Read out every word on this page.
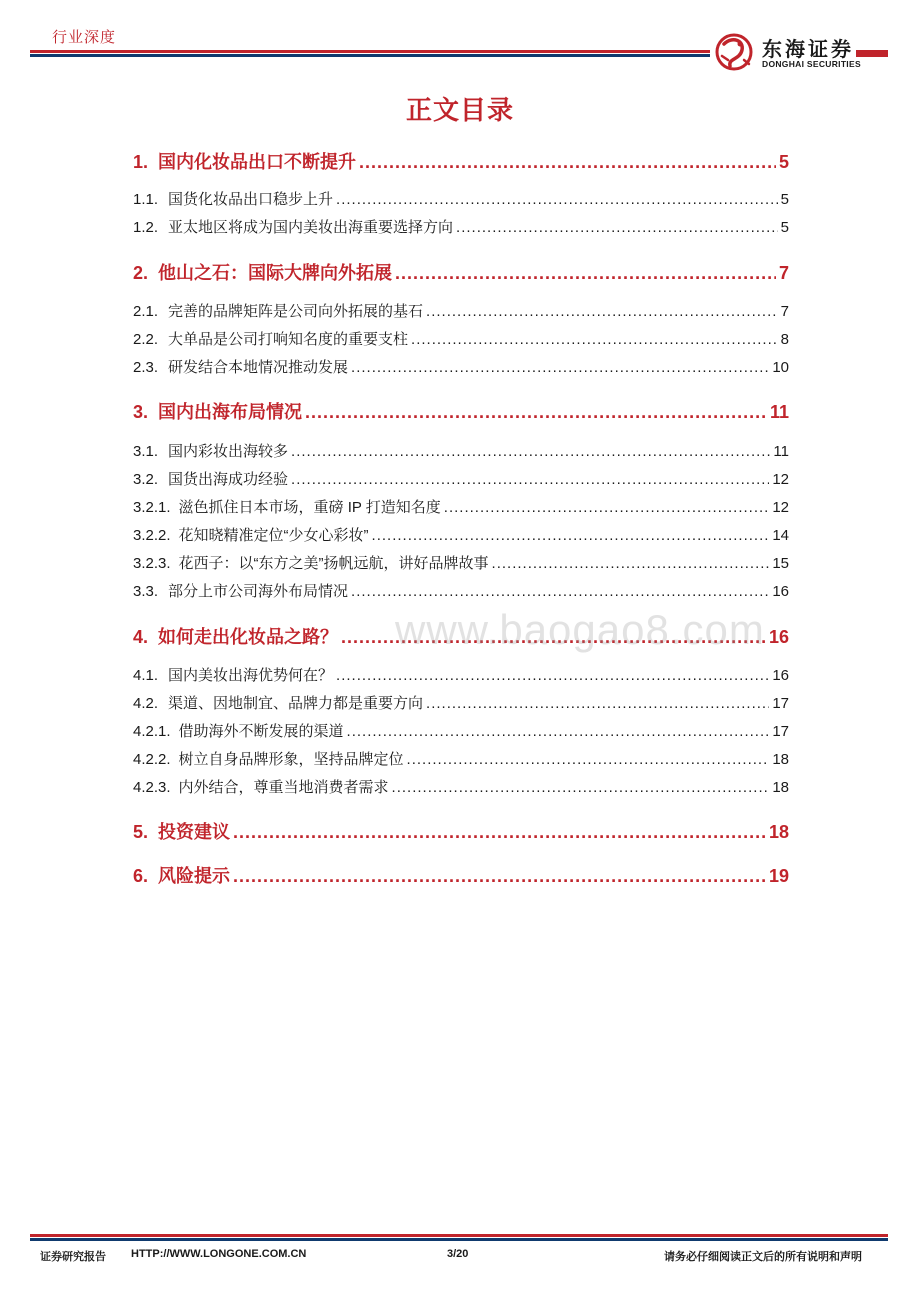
行业深度
东海证券
DONGHAI SECURITIES
正文目录
1. 国内化妆品出口不断提升 .....	5
1.1. 国货化妆品出口稳步上升 .....	5
1.2. 亚太地区将成为国内美妆出海重要选择方向 .....	5
2. 他山之石：国际大牌向外拓展 .....	7
2.1. 完善的品牌矩阵是公司向外拓展的基石 .....	7
2.2. 大单品是公司打响知名度的重要支柱 .....	8
2.3. 研发结合本地情况推动发展 .....	10
3. 国内出海布局情况 .....	11
3.1. 国内彩妆出海较多 .....	11
3.2. 国货出海成功经验 .....	12
3.2.1. 滋色抓住日本市场，重磅 IP 打造知名度 .....	12
3.2.2. 花知晓精准定位“少女心彩妆” .....	14
3.2.3. 花西子：以“东方之美”扬帆远航，讲好品牌故事 .....	15
3.3. 部分上市公司海外布局情况 .....	16
4. 如何走出化妆品之路？ .....	16
4.1. 国内美妆出海优势何在？ .....	16
4.2. 渠道、因地制宜、品牌力都是重要方向 .....	17
4.2.1. 借助海外不断发展的渠道 .....	17
4.2.2. 树立自身品牌形象，坚持品牌定位 .....	18
4.2.3. 内外结合，尊重当地消费者需求 .....	18
5. 投资建议 .....	18
6. 风险提示 .....	19
www.baogao8.com
证券研究报告 HTTP://WWW.LONGONE.COM.CN	3/20	请务必仔细阅读正文后的所有说明和声明
